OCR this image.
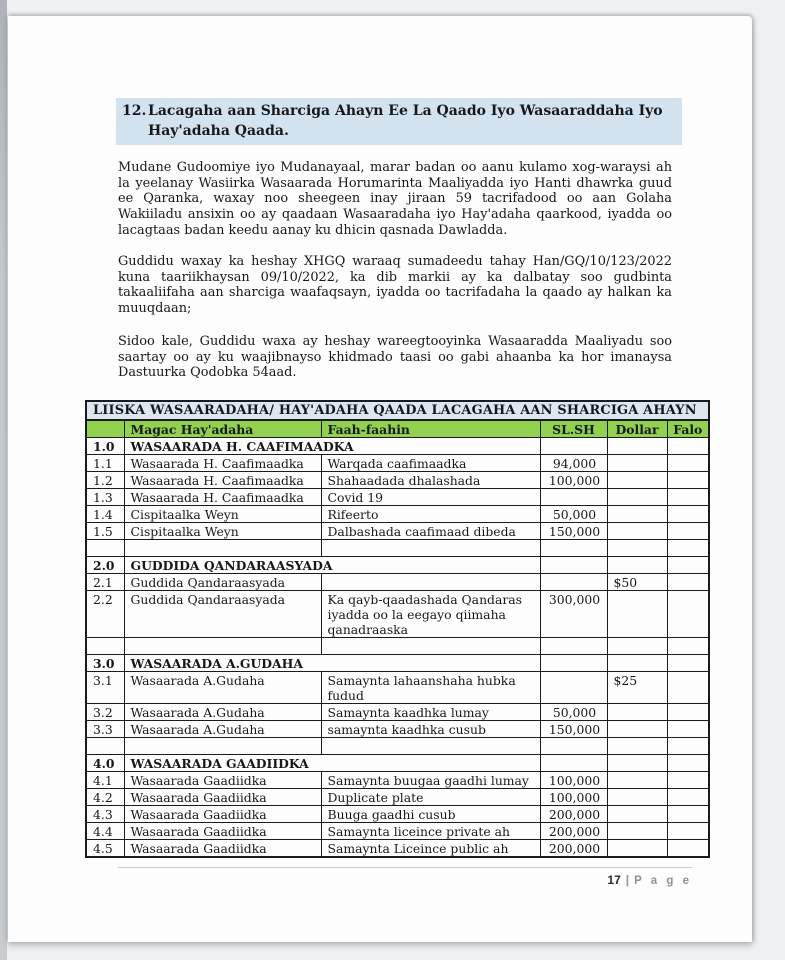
12. Lacagaha aan Sharciga Ahayn Ee La Qaado Iyo Wasaaraddaha Iyo Hay'adaha Qaada.

Mudane Gudoomiye iyo Mudanayaal, marar badan oo aanu kulamo xog-waraysi ah la yeelanay Wasiirka Wasaarada Horumarinta Maaliyadda iyo Hanti dhawrka guud ee Qaranka, waxay noo sheegeen inay jiraan 59 tacrifadood oo aan Golaha Wakiiladu ansixin oo ay qaadaan Wasaaradaha iyo Hay'adaha qaarkood, iyadda oo lacagtaas badan keedu aanay ku dhicin qasnada Dawladda.

Guddidu waxay ka heshay XHGQ waraaq sumadeedu tahay Han/GQ/10/123/2022 kuna taariikhaysan 09/10/2022, ka dib markii ay ka dalbatay soo gudbinta takaaliifaha aan sharciga waafaqsayn, iyadda oo tacrifadaha la qaado ay halkan ka muuqdaan;

Sidoo kale, Guddidu waxa ay heshay wareegtooyinka Wasaaradda Maaliyadu soo saartay oo ay ku waajibnayso khidmado taasi oo gabi ahaanba ka hor imanaysa Dastuurka Qodobka 54aad.

LIISKA WASAARADAHA/ HAY'ADAHA QAADA LACAGAHA AAN SHARCIGA AHAYN					
	Magac Hay'adaha	Faah-faahin	SL.SH	Dollar	Falo
1.0	WASAARADA H. CAAFIMAADKA				
1.1	Wasaarada H. Caafimaadka	Warqada caafimaadka	94,000		
1.2	Wasaarada H. Caafimaadka	Shahaadada dhalashada	100,000		
1.3	Wasaarada H. Caafimaadka	Covid 19			
1.4	Cispitaalka Weyn	Rifeerto	50,000		
1.5	Cispitaalka Weyn	Dalbashada caafimaad dibeda	150,000		

2.0	GUDDIDA QANDARAASYADA				
2.1	Guddida Qandaraasyada			$50	
2.2	Guddida Qandaraasyada	Ka qayb-qaadashada Qandaras iyadda oo la eegayo qiimaha qanadraaska	300,000		

3.0	WASAARADA A.GUDAHA				
3.1	Wasaarada A.Gudaha	Samaynta lahaanshaha hubka fudud		$25	
3.2	Wasaarada A.Gudaha	Samaynta kaadhka lumay	50,000		
3.3	Wasaarada A.Gudaha	samaynta kaadhka cusub	150,000		

4.0	WASAARADA GAADIIDKA				
4.1	Wasaarada Gaadiidka	Samaynta buugaa gaadhi lumay	100,000		
4.2	Wasaarada Gaadiidka	Duplicate plate	100,000		
4.3	Wasaarada Gaadiidka	Buuga gaadhi cusub	200,000		
4.4	Wasaarada Gaadiidka	Samaynta liceince private ah	200,000		
4.5	Wasaarada Gaadiidka	Samaynta Liceince public ah	200,000		
17 | P a g e
